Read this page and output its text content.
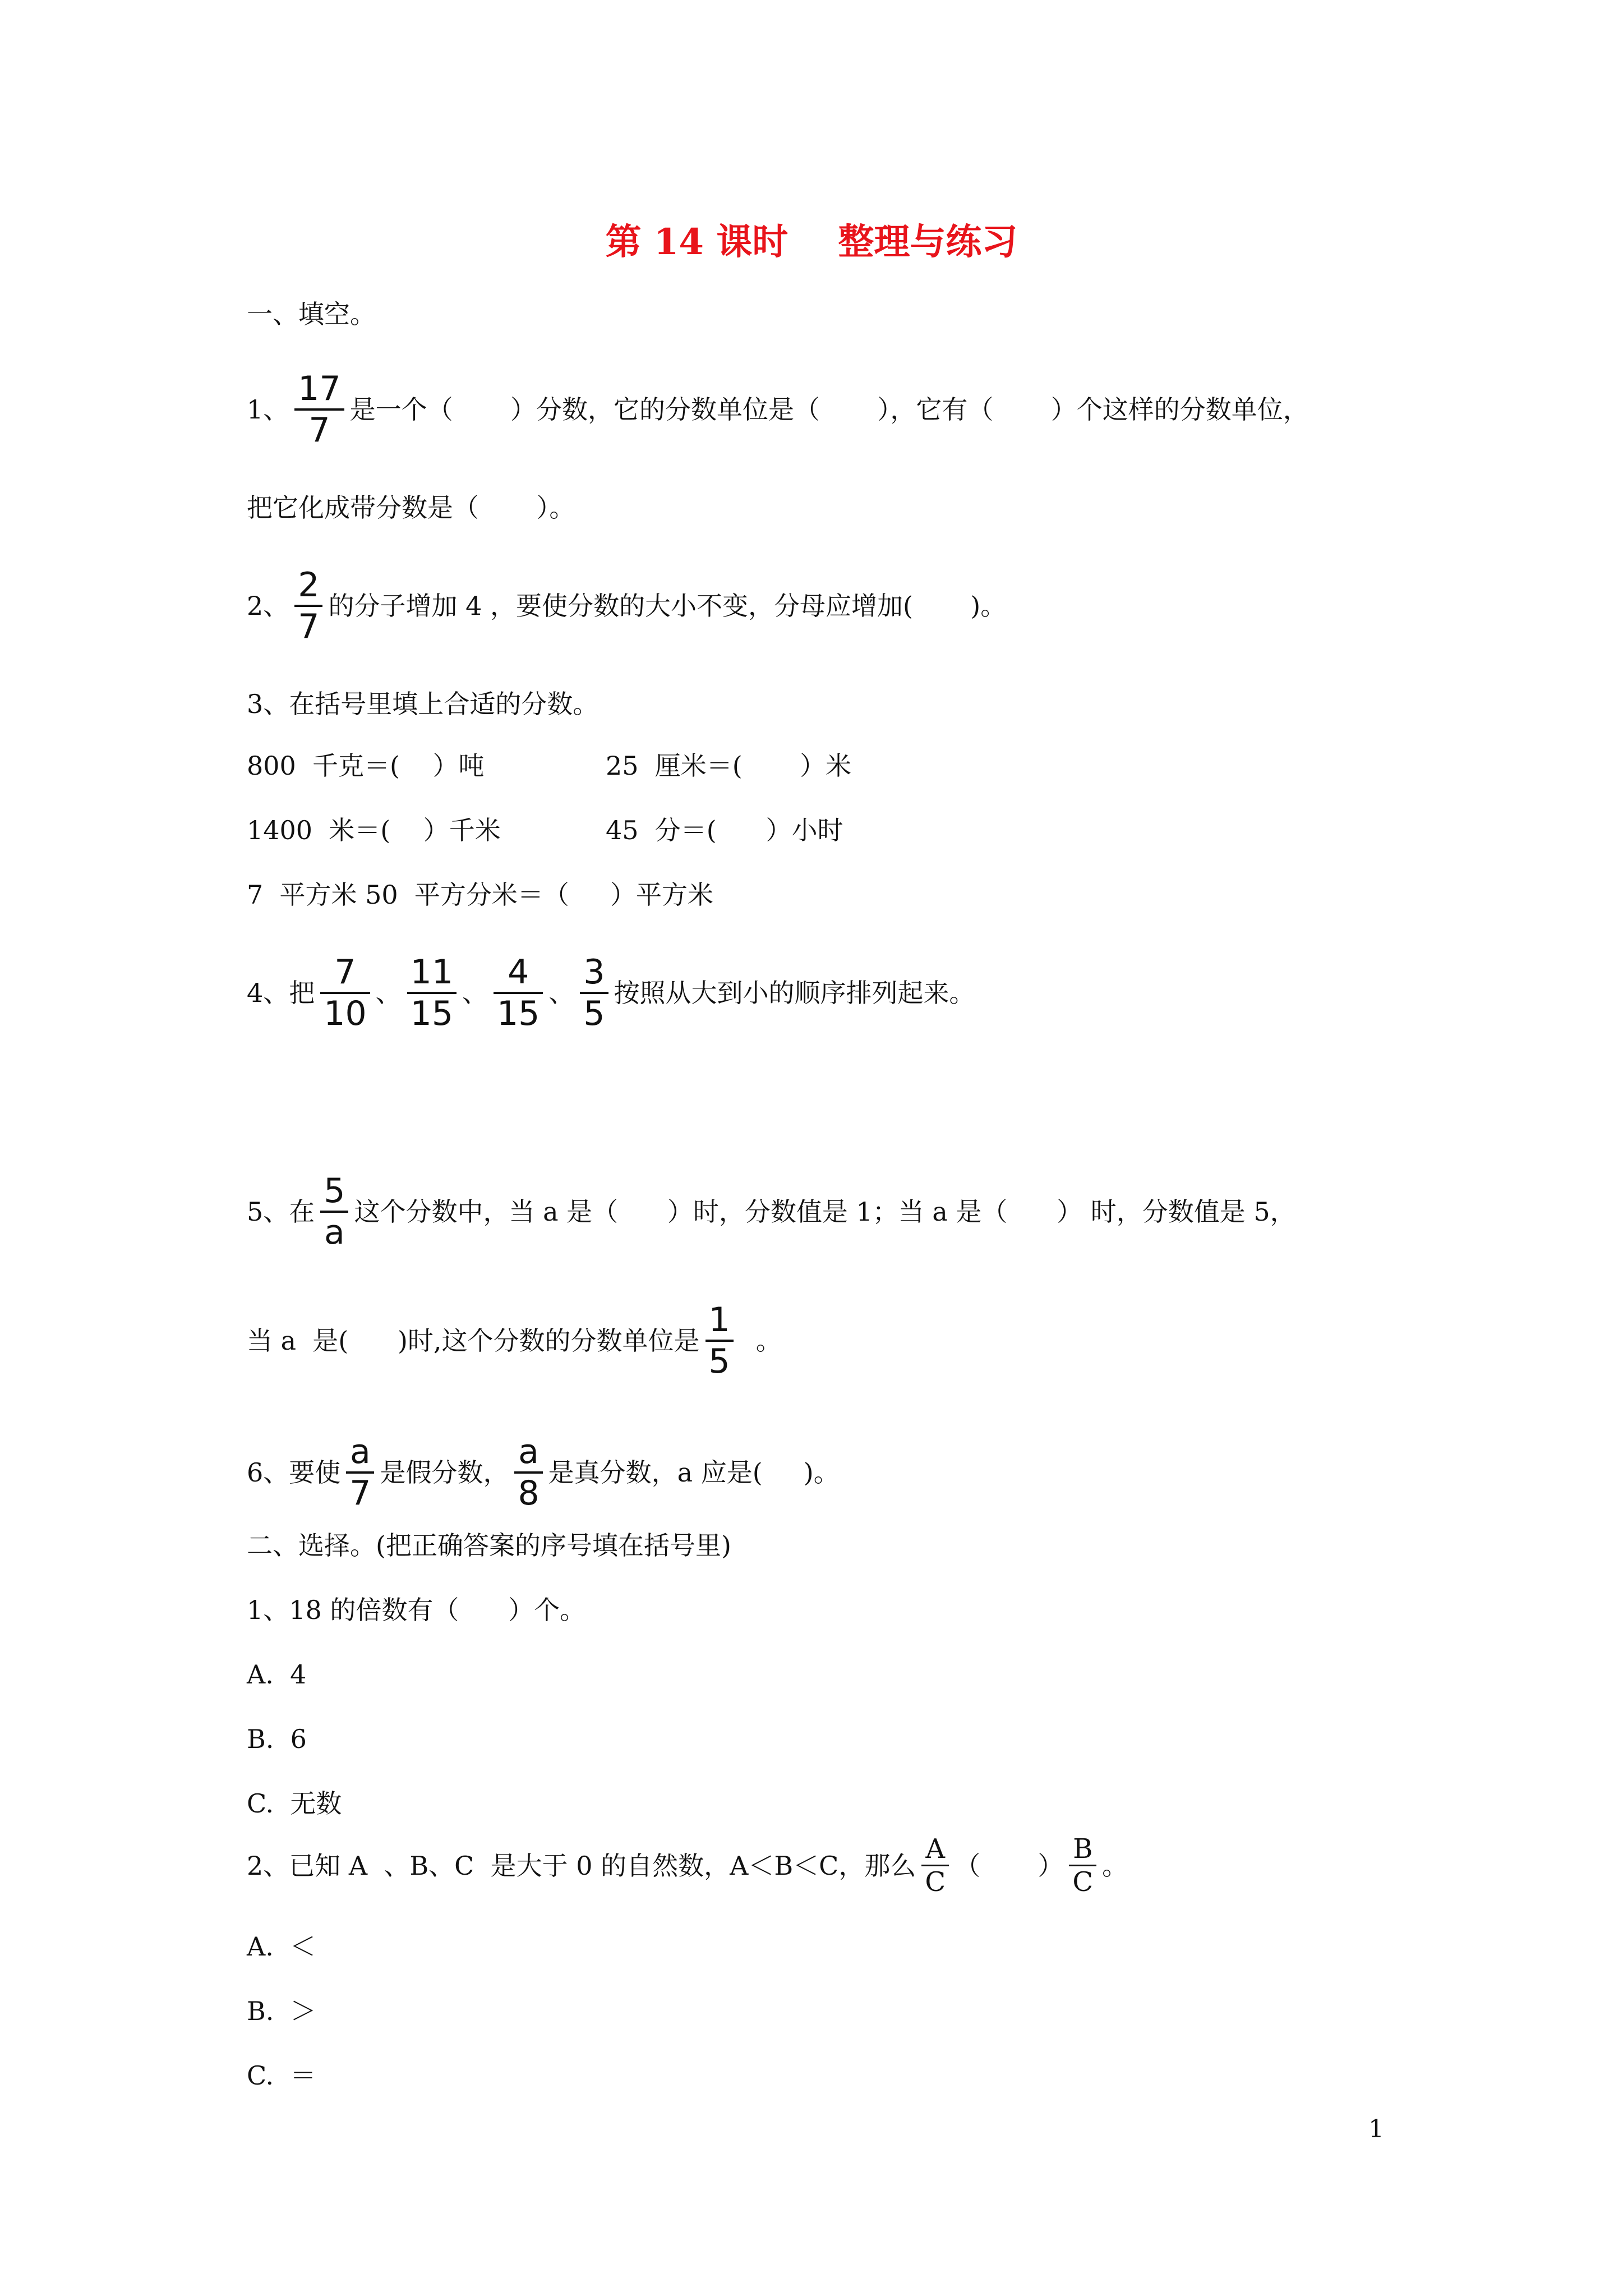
第 14 课时    整理与练习
一、填空。
1、 $\frac{17}{7}$ 是一个（       ）分数，它的分数单位是（       ），它有（       ）个这样的分数单位，
把它化成带分数是（       ）。
2、 $\frac{2}{7}$ 的分子增加 4 ，要使分数的大小不变，分母应增加(       )。
3、在括号里填上合适的分数。
800  千克＝(    ）吨	25  厘米＝(       ）米
1400  米＝(    ）千米	45  分＝(      ）小时
7  平方米 50  平方分米＝（     ）平方米
4、把 $\frac{7}{10}$ 、 $\frac{11}{15}$ 、 $\frac{4}{15}$ 、 $\frac{3}{5}$ 按照从大到小的顺序排列起来。
5、在 $\frac{5}{a}$ 这个分数中，当 a 是（      ）时，分数值是 1；当 a 是（      ） 时，分数值是 5，
当 a  是(      )时,这个分数的分数单位是 $\frac{1}{5}$ 。
6、要使 $\frac{a}{7}$ 是假分数， $\frac{a}{8}$ 是真分数，a 应是(     )。
二、选择。(把正确答案的序号填在括号里)
1、18 的倍数有（      ）个。
A.  4
B.  6
C.  无数
2、已知 A  、B、C  是大于 0 的自然数，A＜B＜C，那么 $\frac{A}{C}$ （       ） $\frac{B}{C}$ 。
A.  ＜
B.  ＞
C.  ＝
1
